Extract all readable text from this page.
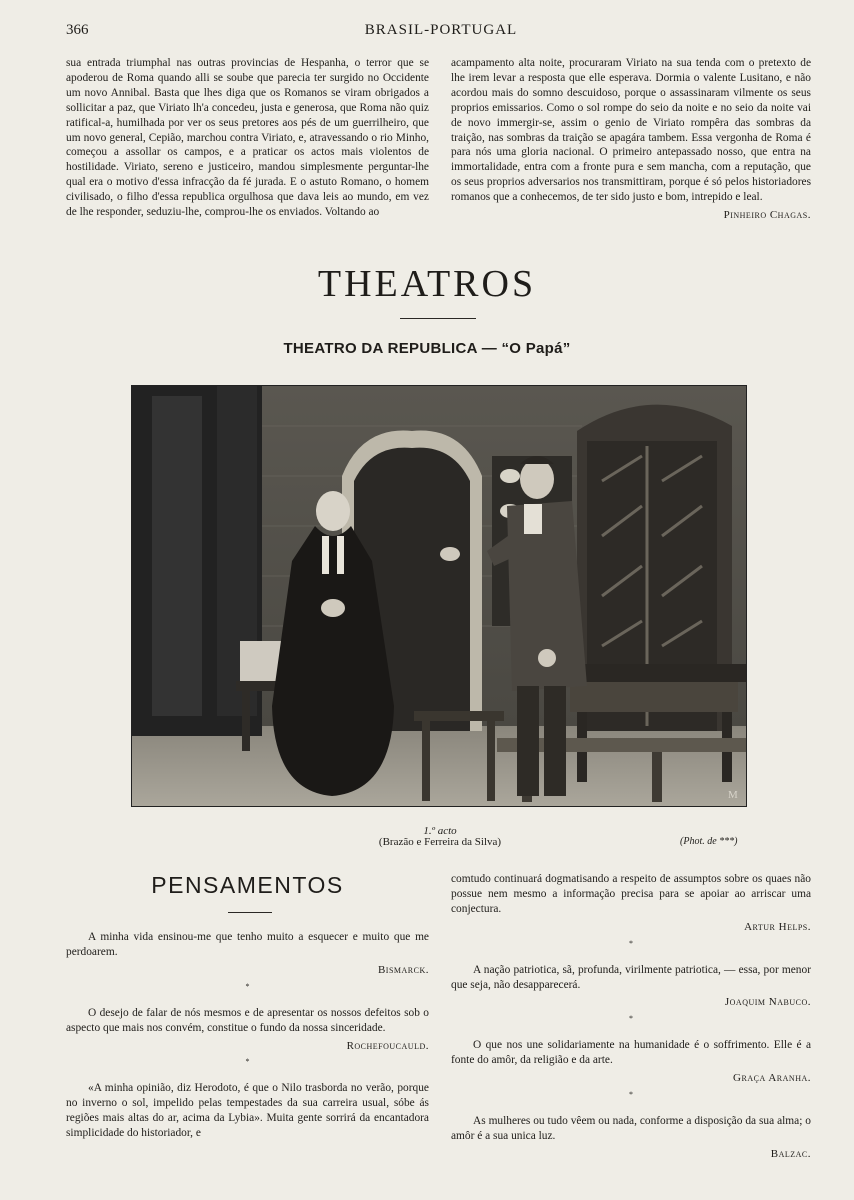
366	BRASIL-PORTUGAL
sua entrada triumphal nas outras provincias de Hespanha, o terror que se apoderou de Roma quando alli se soube que parecia ter surgido no Occidente um novo Annibal. Basta que lhes diga que os Romanos se viram obrigados a sollicitar a paz, que Viriato lh'a concedeu, justa e generosa, que Roma não quiz ratifical-a, humilhada por ver os seus pretores aos pés de um guerrilheiro, que um novo general, Cepião, marchou contra Viriato, e, atravessando o rio Minho, começou a assollar os campos, e a praticar os actos mais violentos de hostilidade. Viriato, sereno e justiceiro, mandou simplesmente perguntar-lhe qual era o motivo d'essa infracção da fé jurada. E o astuto Romano, o homem civilisado, o filho d'essa republica orgulhosa que dava leis ao mundo, em vez de lhe responder, seduziu-lhe, comprou-lhe os enviados. Voltando ao
acampamento alta noite, procuraram Viriato na sua tenda com o pretexto de lhe irem levar a resposta que elle esperava. Dormia o valente Lusitano, e não acordou mais do somno descuidoso, porque o assassinaram vilmente os seus proprios emissarios. Como o sol rompe do seio da noite e no seio da noite vai de novo immergir-se, assim o genio de Viriato rompêra das sombras da traição, nas sombras da traição se apagára tambem. Essa vergonha de Roma é para nós uma gloria nacional. O primeiro antepassado nosso, que entra na immortalidade, entra com a fronte pura e sem mancha, com a reputação, que os seus proprios adversarios nos transmittiram, porque é só pelos historiadores romanos que a conhecemos, de ter sido justo e bom, intrepido e leal.
Pinheiro Chagas.
THEATROS
THEATRO DA REPUBLICA — “O Papá”
M
1.º acto
(Brazão e Ferreira da Silva)	(Phot. de ***)
PENSAMENTOS

A minha vida ensinou-me que tenho muito a esquecer e muito que me perdoarem.

Bismarck.
*

O desejo de falar de nós mesmos e de apresentar os nossos defeitos sob o aspecto que mais nos convém, constitue o fundo da nossa sinceridade.

Rochefoucauld.
*

«A minha opinião, diz Herodoto, é que o Nilo trasborda no verão, porque no inverno o sol, impelido pelas tempestades da sua carreira usual, sóbe ás regiões mais altas do ar, acima da Lybia». Muita gente sorrirá da encantadora simplicidade do historiador, e

comtudo continuará dogmatisando a respeito de assumptos sobre os quaes não possue nem mesmo a informação precisa para se apoiar ao arriscar uma conjectura.
Artur Helps.
*

A nação patriotica, sã, profunda, virilmente patriotica, — essa, por menor que seja, não desapparecerá.

Joaquim Nabuco.
*

O que nos une solidariamente na humanidade é o soffrimento. Elle é a fonte do amôr, da religião e da arte.

Graça Aranha.
*

As mulheres ou tudo vêem ou nada, conforme a disposição da sua alma; o amôr é a sua unica luz.

Balzac.
